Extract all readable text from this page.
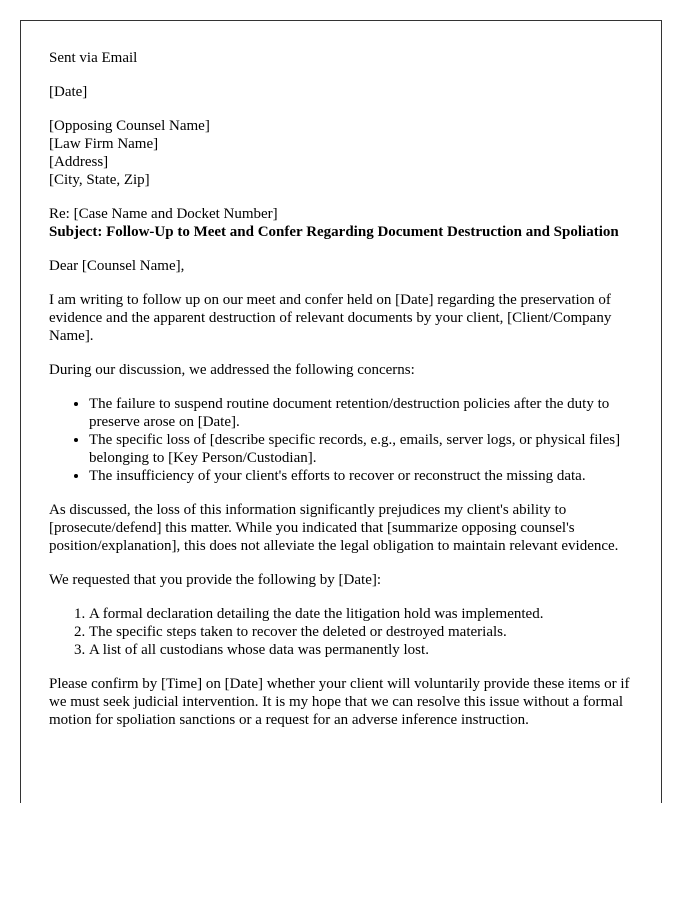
Sent via Email

[Date]

[Opposing Counsel Name]
[Law Firm Name]
[Address]
[City, State, Zip]

Re: [Case Name and Docket Number]
Subject: Follow-Up to Meet and Confer Regarding Document Destruction and Spoliation

Dear [Counsel Name],

I am writing to follow up on our meet and confer held on [Date] regarding the preservation of evidence and the apparent destruction of relevant documents by your client, [Client/Company Name].

During our discussion, we addressed the following concerns:

• The failure to suspend routine document retention/destruction policies after the duty to preserve arose on [Date].
• The specific loss of [describe specific records, e.g., emails, server logs, or physical files] belonging to [Key Person/Custodian].
• The insufficiency of your client's efforts to recover or reconstruct the missing data.

As discussed, the loss of this information significantly prejudices my client's ability to [prosecute/defend] this matter. While you indicated that [summarize opposing counsel's position/explanation], this does not alleviate the legal obligation to maintain relevant evidence.

We requested that you provide the following by [Date]:

1. A formal declaration detailing the date the litigation hold was implemented.
2. The specific steps taken to recover the deleted or destroyed materials.
3. A list of all custodians whose data was permanently lost.

Please confirm by [Time] on [Date] whether your client will voluntarily provide these items or if we must seek judicial intervention. It is my hope that we can resolve this issue without a formal motion for spoliation sanctions or a request for an adverse inference instruction.
